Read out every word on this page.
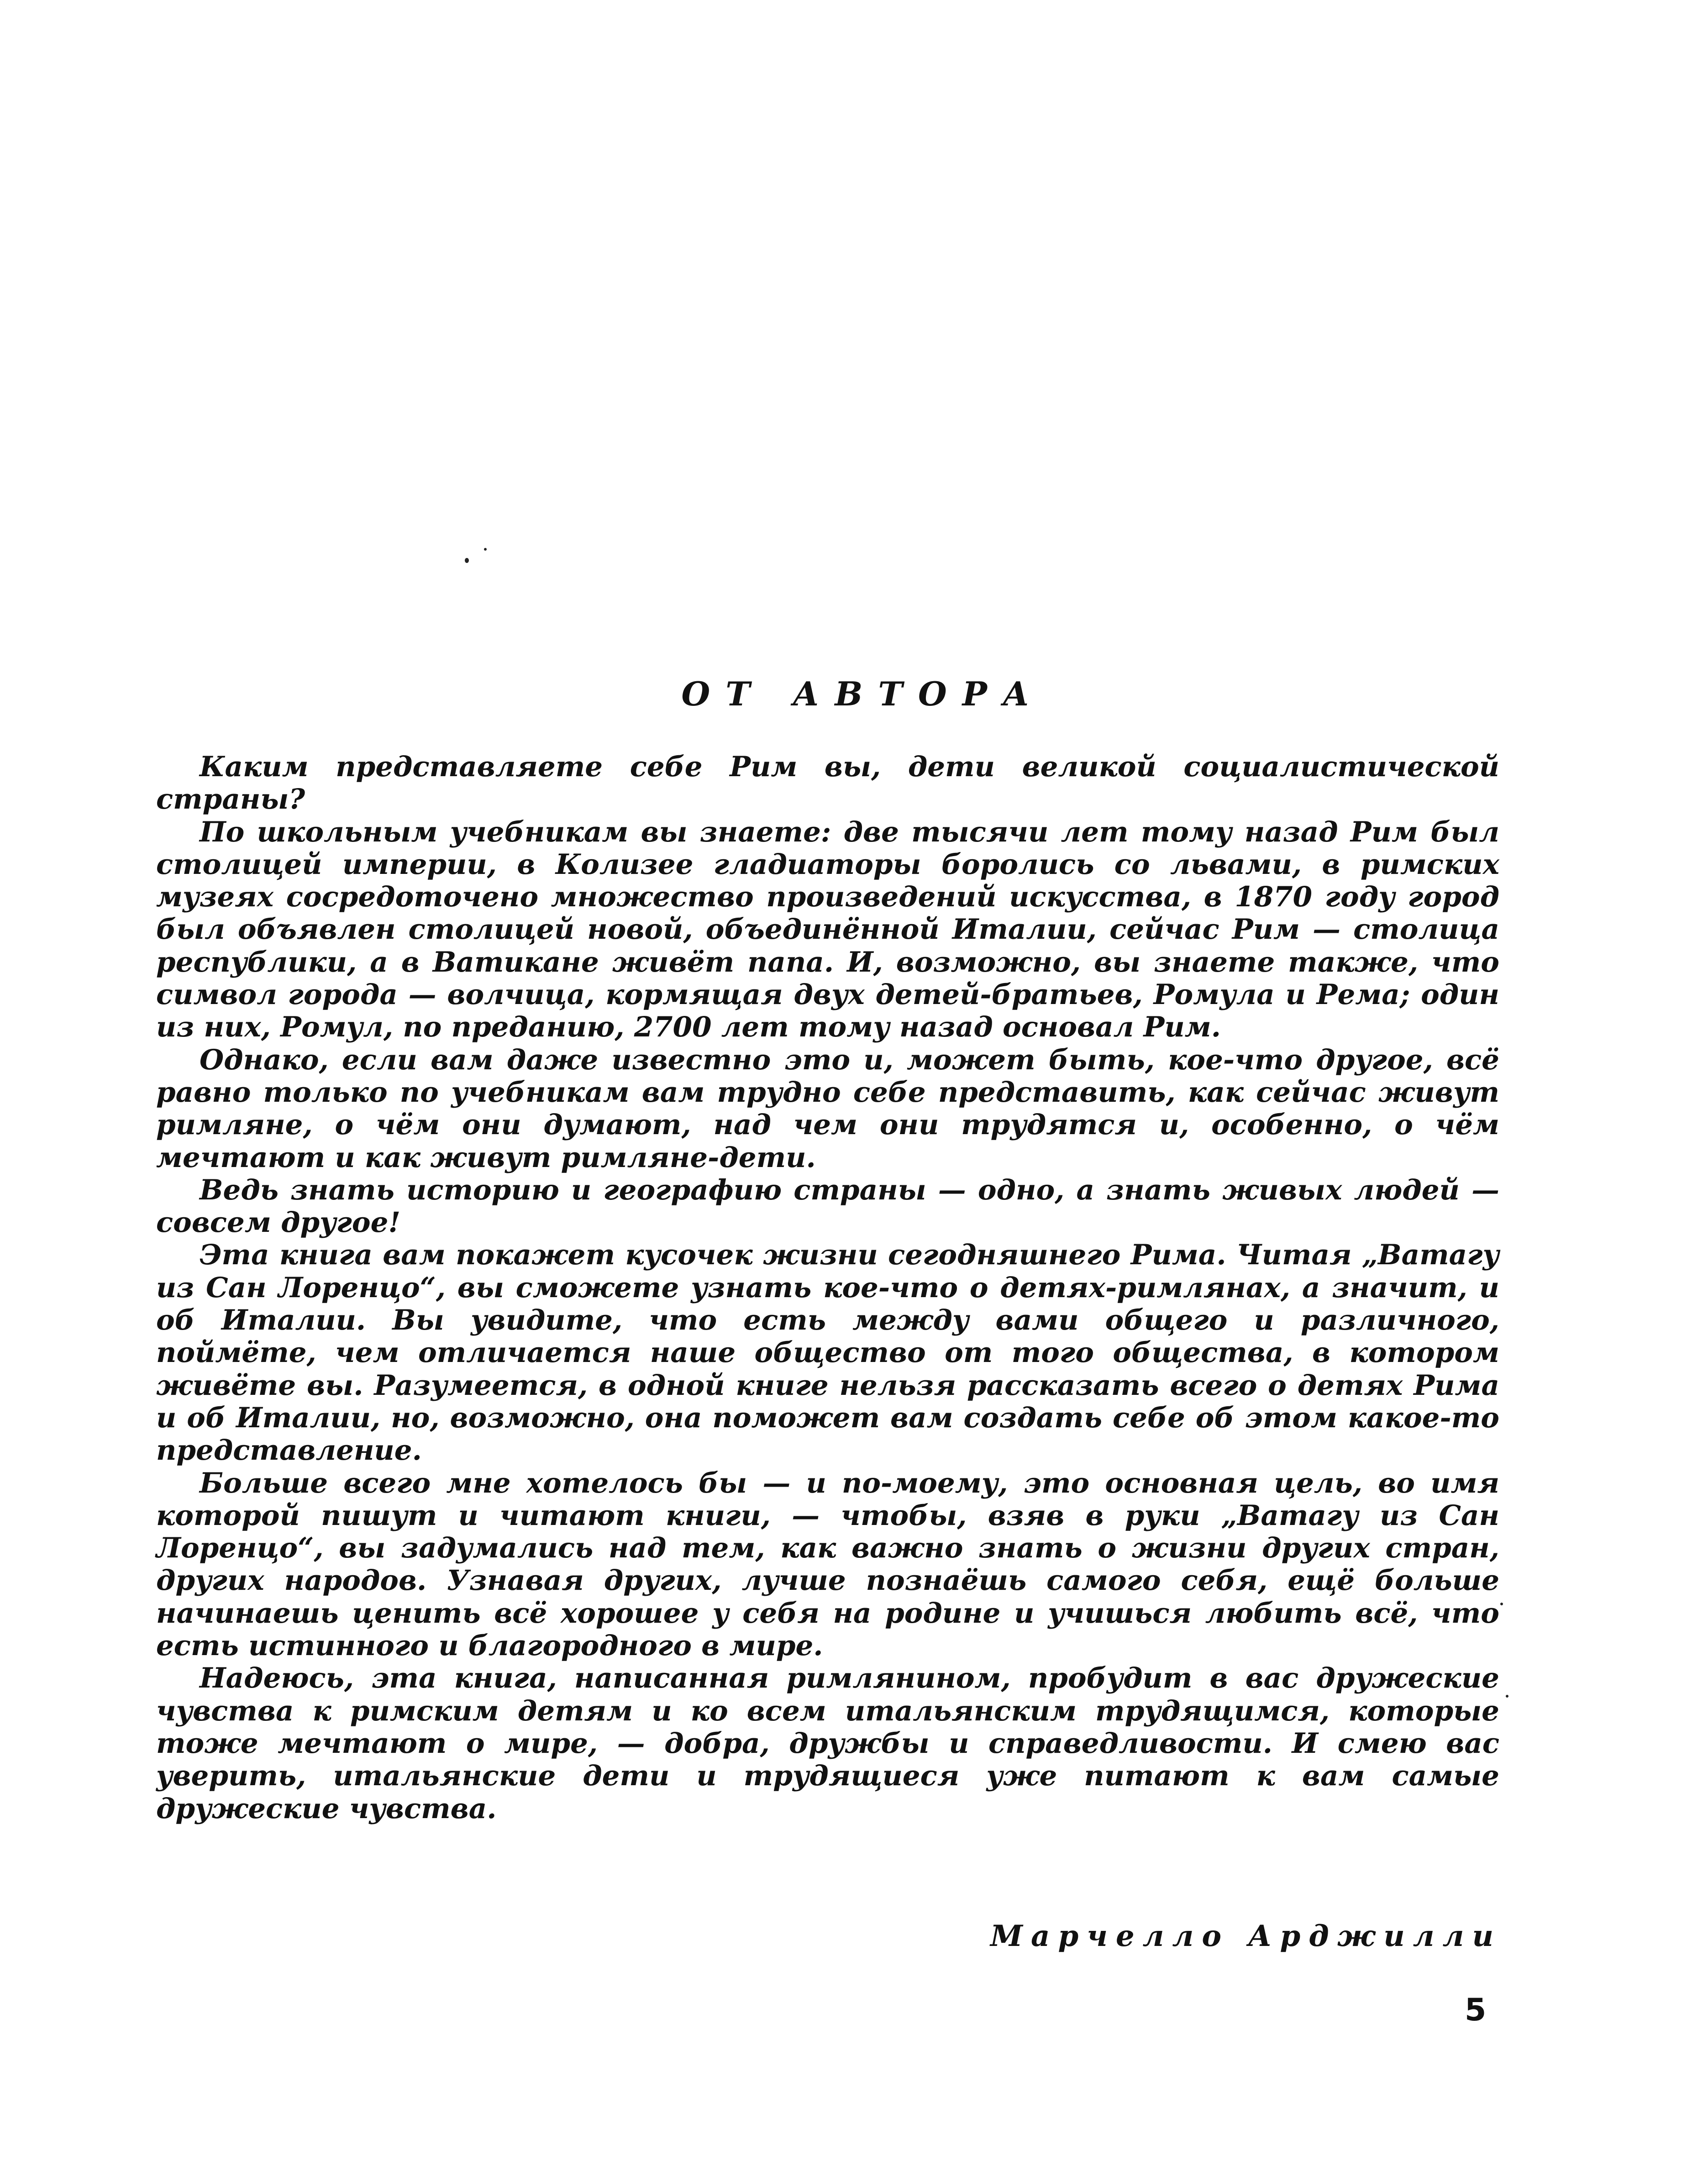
ОТ АВТОРА

Каким представляете себе Рим вы, дети великой социалистической страны?

По школьным учебникам вы знаете: две тысячи лет тому назад Рим был столицей империи, в Колизее гладиаторы боролись со львами, в римских музеях сосредоточено множество произведений искусства, в 1870 году город был объявлен столицей новой, объединённой Италии, сейчас Рим — столица республики, а в Ватикане живёт папа. И, возможно, вы знаете также, что символ города — волчица, кормящая двух детей-братьев, Ромула и Рема; один из них, Ромул, по преданию, 2700 лет тому назад основал Рим.

Однако, если вам даже известно это и, может быть, кое-что другое, всё равно только по учебникам вам трудно себе представить, как сейчас живут римляне, о чём они думают, над чем они трудятся и, особенно, о чём мечтают и как живут римляне-дети.

Ведь знать историю и географию страны — одно, а знать живых людей — совсем другое!

Эта книга вам покажет кусочек жизни сегодняшнего Рима. Читая „Ватагу из Сан Лоренцо“, вы сможете узнать кое-что о детях-римлянах, а значит, и об Италии. Вы увидите, что есть между вами общего и различного, поймёте, чем отличается наше общество от того общества, в котором живёте вы. Разумеется, в одной книге нельзя рассказать всего о детях Рима и об Италии, но, возможно, она поможет вам создать себе об этом какое-то представление.

Больше всего мне хотелось бы — и по-моему, это основная цель, во имя которой пишут и читают книги, — чтобы, взяв в руки „Ватагу из Сан Лоренцо“, вы задумались над тем, как важно знать о жизни других стран, других народов. Узнавая других, лучше познаёшь самого себя, ещё больше начинаешь ценить всё хорошее у себя на родине и учишься любить всё, что есть истинного и благородного в мире.

Надеюсь, эта книга, написанная римлянином, пробудит в вас дружеские чувства к римским детям и ко всем итальянским трудящимся, которые тоже мечтают о мире, — добра, дружбы и справедливости. И смею вас уверить, итальянские дети и трудящиеся уже питают к вам самые дружеские чувства.

Марчелло Арджилли
5
